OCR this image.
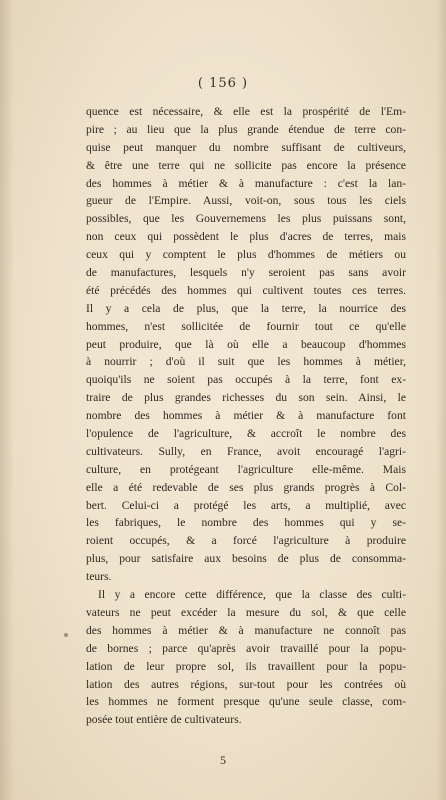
( 156 )
quence est nécessaire, & elle est la prospérité de l'Em-
pire ; au lieu que la plus grande étendue de terre con-
quise peut manquer du nombre suffisant de cultiveurs,
& être une terre qui ne sollicite pas encore la présence
des hommes à métier & à manufacture : c'est la lan-
gueur de l'Empire. Aussi, voit-on, sous tous les ciels
possibles, que les Gouvernemens les plus puissans sont,
non ceux qui possèdent le plus d'acres de terres, mais
ceux qui y comptent le plus d'hommes de métiers ou
de manufactures, lesquels n'y seroient pas sans avoir
été précédés des hommes qui cultivent toutes ces terres.
Il y a cela de plus, que la terre, la nourrice des
hommes, n'est sollicitée de fournir tout ce qu'elle
peut produire, que là où elle a beaucoup d'hommes
à nourrir ; d'où il suit que les hommes à métier,
quoiqu'ils ne soient pas occupés à la terre, font ex-
traire de plus grandes richesses du son sein. Ainsi, le
nombre des hommes à métier & à manufacture font
l'opulence de l'agriculture, & accroît le nombre des
cultivateurs. Sully, en France, avoit encouragé l'agri-
culture, en protégeant l'agriculture elle-même. Mais
elle a été redevable de ses plus grands progrès à Col-
bert. Celui-ci a protégé les arts, a multiplié, avec
les fabriques, le nombre des hommes qui y se-
roient occupés, & a forcé l'agriculture à produire
plus, pour satisfaire aux besoins de plus de consomma-
teurs.
Il y a encore cette différence, que la classe des culti-
vateurs ne peut excéder la mesure du sol, & que celle
des hommes à métier & à manufacture ne connoît pas
de bornes ; parce qu'après avoir travaillé pour la popu-
lation de leur propre sol, ils travaillent pour la popu-
lation des autres régions, sur-tout pour les contrées où
les hommes ne forment presque qu'une seule classe, com-
posée tout entière de cultivateurs.
5
